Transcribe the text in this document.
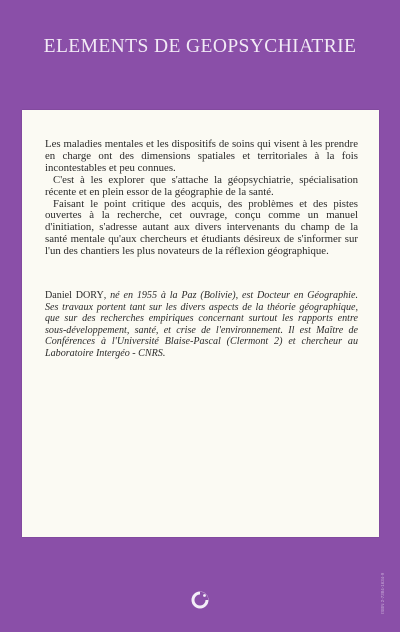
ELEMENTS DE GEOPSYCHIATRIE

Les maladies mentales et les dispositifs de soins qui visent à les prendre en charge ont des dimensions spatiales et territoriales à la fois incontestables et peu connues.

C'est à les explorer que s'attache la géopsychiatrie, spécialisation récente et en plein essor de la géographie de la santé.

Faisant le point critique des acquis, des problèmes et des pistes ouvertes à la recherche, cet ouvrage, conçu comme un manuel d'initiation, s'adresse autant aux divers intervenants du champ de la santé mentale qu'aux chercheurs et étudiants désireux de s'informer sur l'un des chantiers les plus novateurs de la réflexion géographique.

Daniel DORY, né en 1955 à la Paz (Bolivie), est Docteur en Géographie. Ses travaux portent tant sur les divers aspects de la théorie géographique, que sur des recherches empiriques concernant surtout les rapports entre sous-développement, santé, et crise de l'environnement. Il est Maître de Conférences à l'Université Blaise-Pascal (Clermont 2) et chercheur au Laboratoire Intergéo - CNRS.

ISBN 2-7384-1634-9
